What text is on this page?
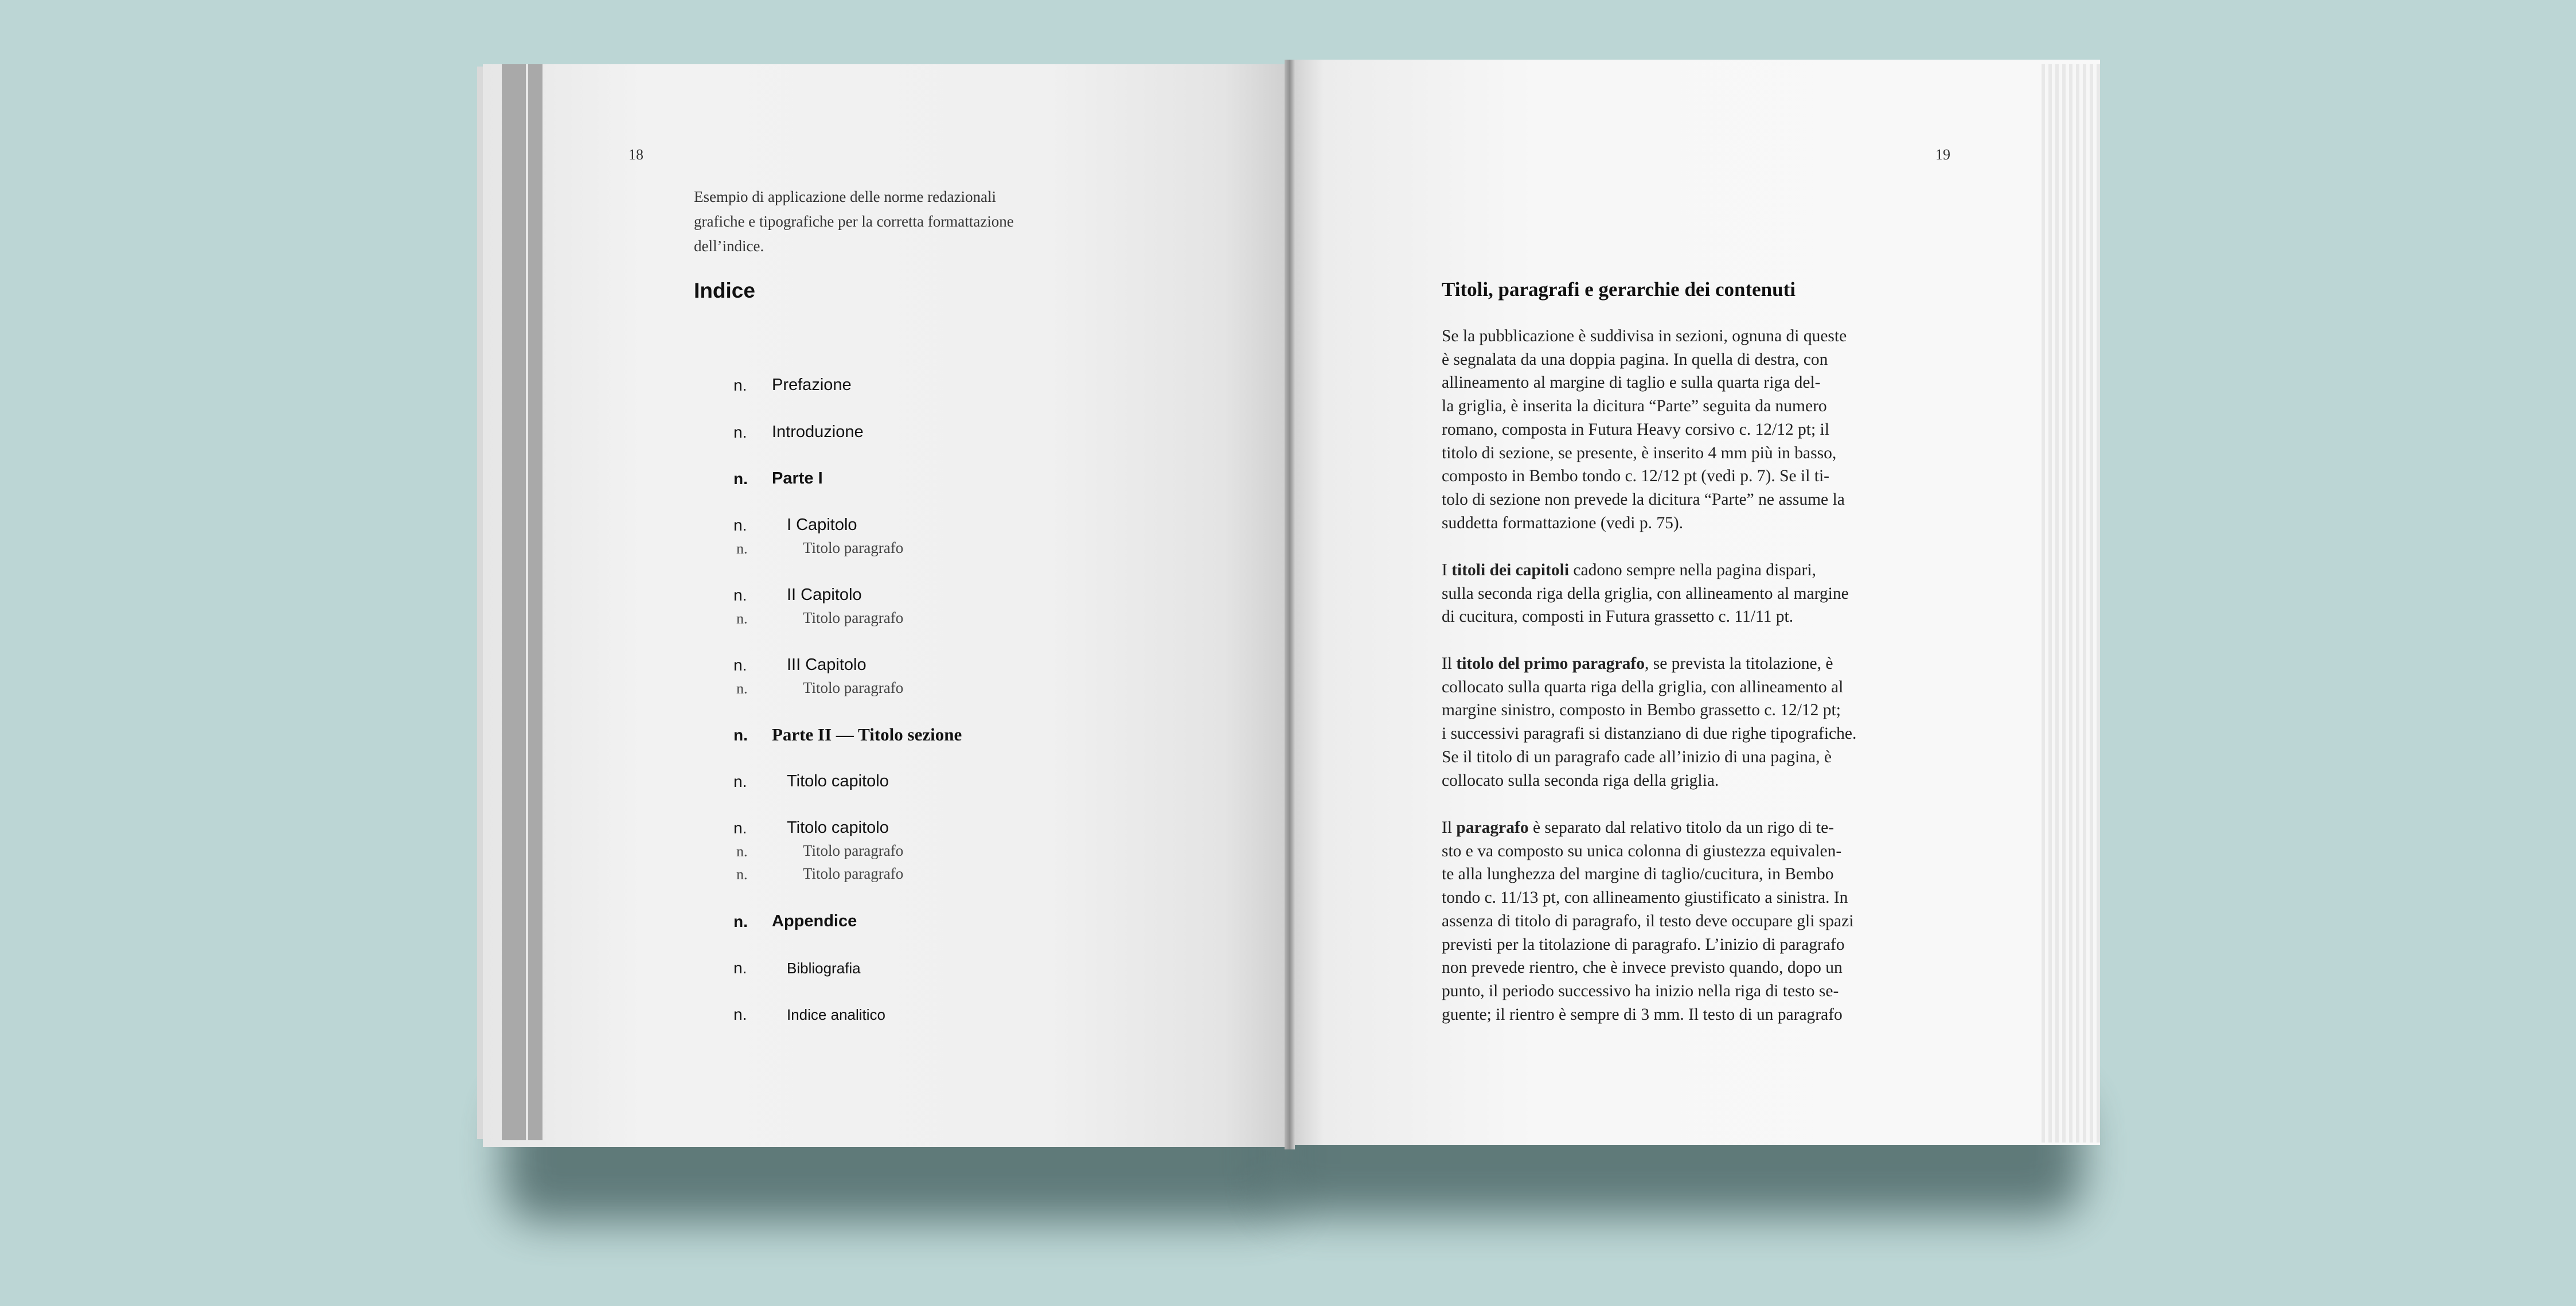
18
Esempio di applicazione delle norme redazionali grafiche e tipografiche per la corretta formattazione dell’indice.
Indice
n. Prefazione
n. Introduzione
n. Parte I
n. I Capitolo
n.	Titolo paragrafo
n. II Capitolo
n.	Titolo paragrafo
n. III Capitolo
n.	Titolo paragrafo
n. Parte II — Titolo sezione
n. Titolo capitolo
n. Titolo capitolo
n.	Titolo paragrafo
n.	Titolo paragrafo
n. Appendice
n.	Bibliografia
n.	Indice analitico
19
Titoli, paragrafi e gerarchie dei contenuti
Se la pubblicazione è suddivisa in sezioni, ognuna di queste
è segnalata da una doppia pagina. In quella di destra, con
allineamento al margine di taglio e sulla quarta riga del-
la griglia, è inserita la dicitura “Parte” seguita da numero
romano, composta in Futura Heavy corsivo c. 12/12 pt; il
titolo di sezione, se presente, è inserito 4 mm più in basso,
composto in Bembo tondo c. 12/12 pt (vedi p. 7). Se il ti-
tolo di sezione non prevede la dicitura “Parte” ne assume la
suddetta formattazione (vedi p. 75).
I titoli dei capitoli cadono sempre nella pagina dispari,
sulla seconda riga della griglia, con allineamento al margine
di cucitura, composti in Futura grassetto c. 11/11 pt.
Il titolo del primo paragrafo, se prevista la titolazione, è
collocato sulla quarta riga della griglia, con allineamento al
margine sinistro, composto in Bembo grassetto c. 12/12 pt;
i successivi paragrafi si distanziano di due righe tipografiche.
Se il titolo di un paragrafo cade all’inizio di una pagina, è
collocato sulla seconda riga della griglia.
Il paragrafo è separato dal relativo titolo da un rigo di te-
sto e va composto su unica colonna di giustezza equivalen-
te alla lunghezza del margine di taglio/cucitura, in Bembo
tondo c. 11/13 pt, con allineamento giustificato a sinistra. In
assenza di titolo di paragrafo, il testo deve occupare gli spazi
previsti per la titolazione di paragrafo. L’inizio di paragrafo
non prevede rientro, che è invece previsto quando, dopo un
punto, il periodo successivo ha inizio nella riga di testo se-
guente; il rientro è sempre di 3 mm. Il testo di un paragrafo
